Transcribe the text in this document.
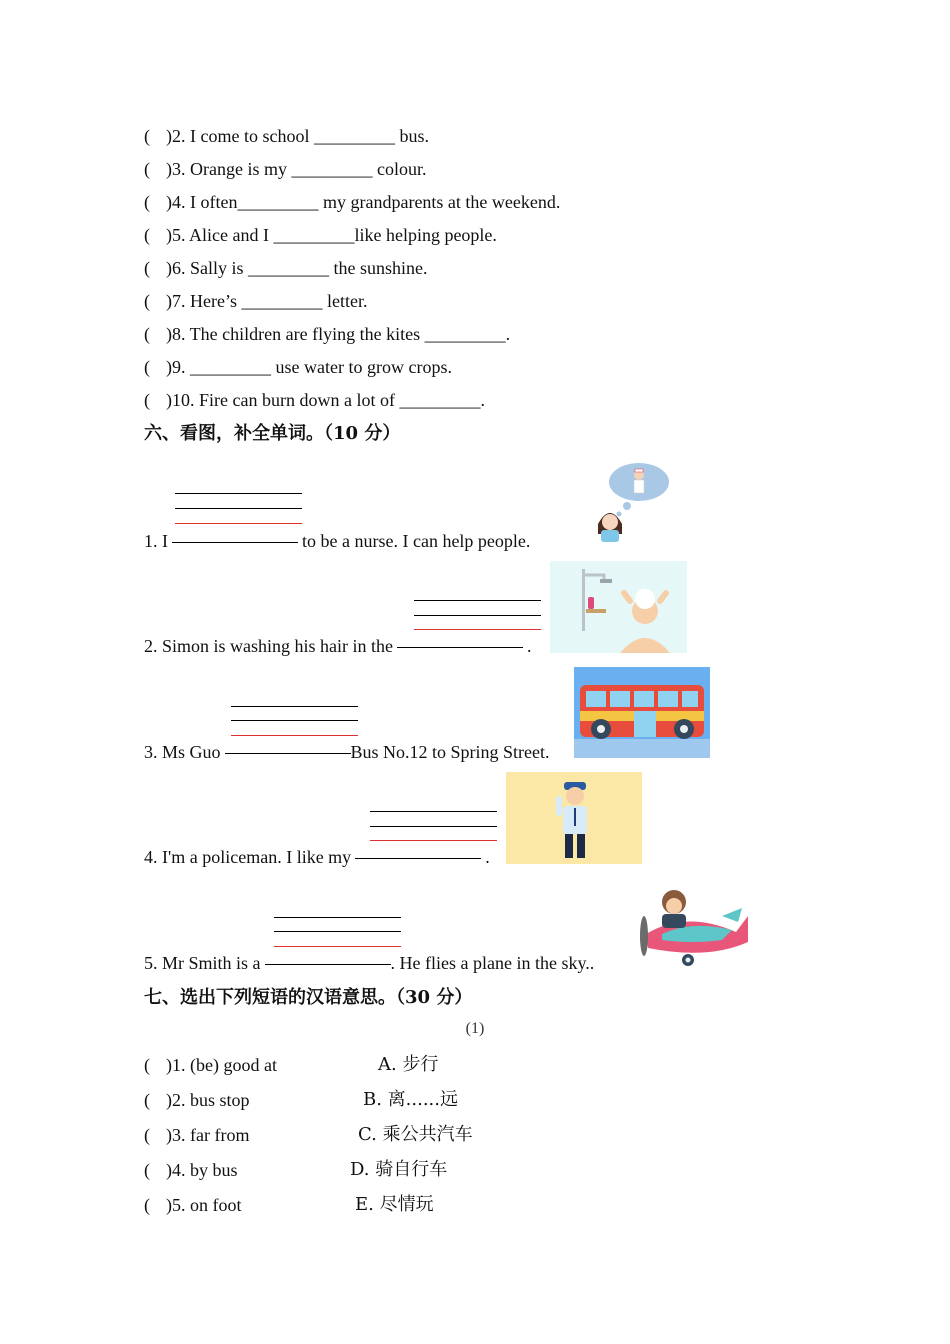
( )2. I come to school _________ bus.
( )3. Orange is my _________ colour.
( )4. I often_________ my grandparents at the weekend.
( )5. Alice and I _________like helping people.
( )6. Sally is _________ the sunshine.
( )7. Here’s _________ letter.
( )8. The children are flying the kites _________.
( )9. _________ use water to grow crops.
( )10. Fire can burn down a lot of _________.
六、看图，补全单词。（10 分）
1. I	to be a nurse. I can help people.
2. Simon is washing his hair in the	.
3. Ms Guo	Bus No.12 to Spring Street.
4. I'm a policeman. I like my	.
5. Mr Smith is a	. He flies a plane in the sky..
七、选出下列短语的汉语意思。（30 分）
(1)
( )1. (be) good at	A. 步行
( )2. bus stop	B. 离......远
( )3. far from	C. 乘公共汽车
( )4. by bus	D. 骑自行车
( )5. on foot	E. 尽情玩
